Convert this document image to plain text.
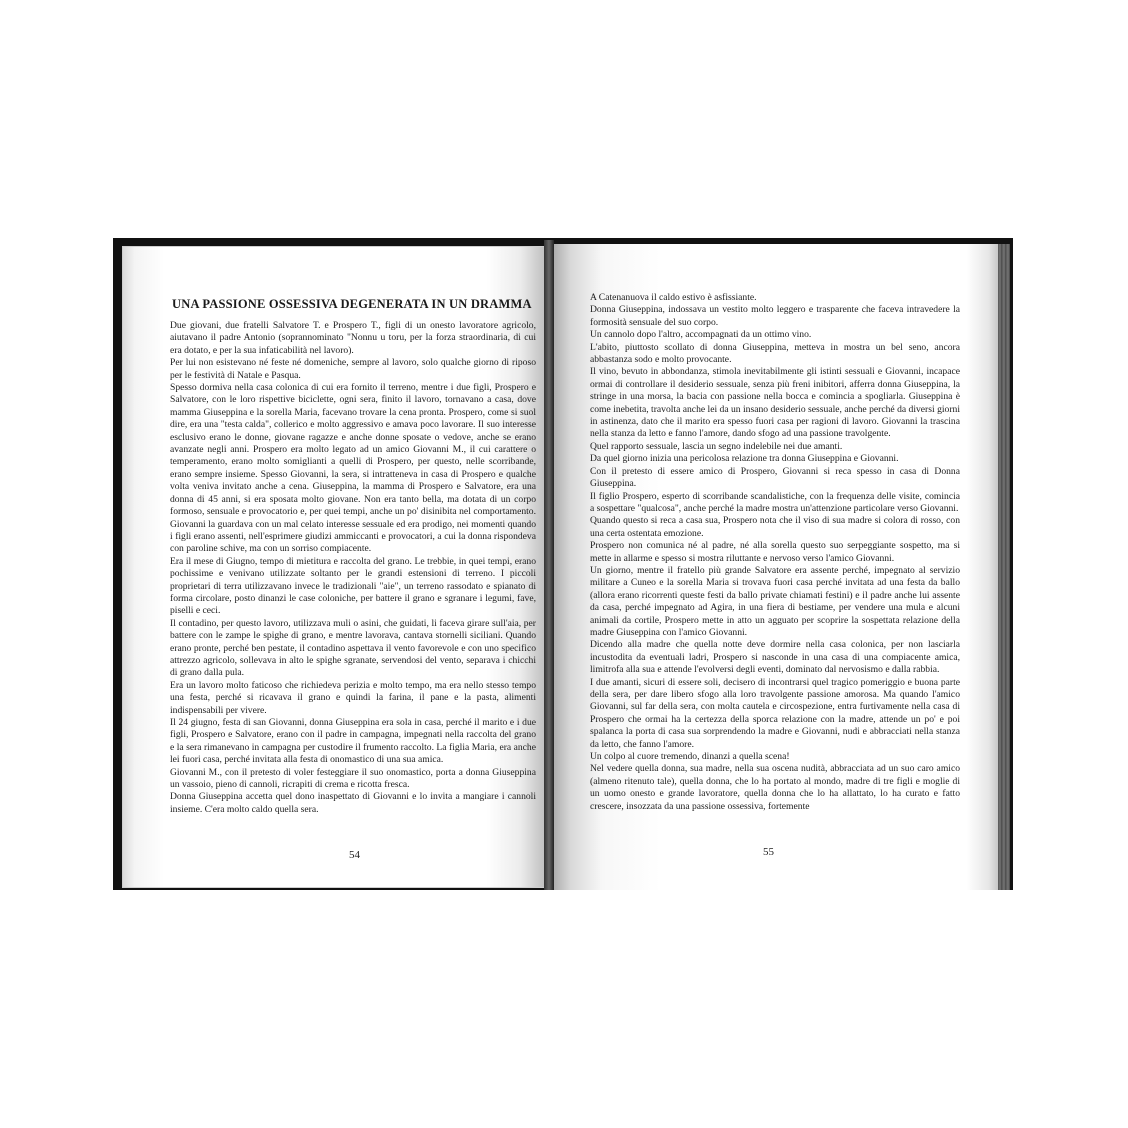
UNA PASSIONE OSSESSIVA DEGENERATA IN UN DRAMMA

Due giovani, due fratelli Salvatore T. e Prospero T., figli di un onesto lavoratore agricolo, aiutavano il padre Antonio (soprannominato "Nonnu u toru, per la forza straordinaria, di cui era dotato, e per la sua infaticabilità nel lavoro).

Per lui non esistevano né feste né domeniche, sempre al lavoro, solo qualche giorno di riposo per le festività di Natale e Pasqua.

Spesso dormiva nella casa colonica di cui era fornito il terreno, mentre i due figli, Prospero e Salvatore, con le loro rispettive biciclette, ogni sera, finito il lavoro, tornavano a casa, dove mamma Giuseppina e la sorella Maria, facevano trovare la cena pronta. Prospero, come si suol dire, era una "testa calda", collerico e molto aggressivo e amava poco lavorare. Il suo interesse esclusivo erano le donne, giovane ragazze e anche donne sposate o vedove, anche se erano avanzate negli anni. Prospero era molto legato ad un amico Giovanni M., il cui carattere o temperamento, erano molto somiglianti a quelli di Prospero, per questo, nelle scorribande, erano sempre insieme. Spesso Giovanni, la sera, si intratteneva in casa di Prospero e qualche volta veniva invitato anche a cena. Giuseppina, la mamma di Prospero e Salvatore, era una donna di 45 anni, si era sposata molto giovane. Non era tanto bella, ma dotata di un corpo formoso, sensuale e provocatorio e, per quei tempi, anche un po' disinibita nel comportamento. Giovanni la guardava con un mal celato interesse sessuale ed era prodigo, nei momenti quando i figli erano assenti, nell'esprimere giudizi ammiccanti e provocatori, a cui la donna rispondeva con paroline schive, ma con un sorriso compiacente.

Era il mese di Giugno, tempo di mietitura e raccolta del grano. Le trebbie, in quei tempi, erano pochissime e venivano utilizzate soltanto per le grandi estensioni di terreno. I piccoli proprietari di terra utilizzavano invece le tradizionali "aie", un terreno rassodato e spianato di forma circolare, posto dinanzi le case coloniche, per battere il grano e sgranare i legumi, fave, piselli e ceci.

Il contadino, per questo lavoro, utilizzava muli o asini, che guidati, li faceva girare sull'aia, per battere con le zampe le spighe di grano, e mentre lavorava, cantava stornelli siciliani. Quando erano pronte, perché ben pestate, il contadino aspettava il vento favorevole e con uno specifico attrezzo agricolo, sollevava in alto le spighe sgranate, servendosi del vento, separava i chicchi di grano dalla pula.

Era un lavoro molto faticoso che richiedeva perizia e molto tempo, ma era nello stesso tempo una festa, perché si ricavava il grano e quindi la farina, il pane e la pasta, alimenti indispensabili per vivere.

Il 24 giugno, festa di san Giovanni, donna Giuseppina era sola in casa, perché il marito e i due figli, Prospero e Salvatore, erano con il padre in campagna, impegnati nella raccolta del grano e la sera rimanevano in campagna per custodire il frumento raccolto. La figlia Maria, era anche lei fuori casa, perché invitata alla festa di onomastico di una sua amica.

Giovanni M., con il pretesto di voler festeggiare il suo onomastico, porta a donna Giuseppina un vassoio, pieno di cannoli, ricrapiti di crema e ricotta fresca.

Donna Giuseppina accetta quel dono inaspettato di Giovanni e lo invita a mangiare i cannoli insieme. C'era molto caldo quella sera.

A Catenanuova il caldo estivo è asfissiante.

Donna Giuseppina, indossava un vestito molto leggero e trasparente che faceva intravedere la formosità sensuale del suo corpo.

Un cannolo dopo l'altro, accompagnati da un ottimo vino.

L'abito, piuttosto scollato di donna Giuseppina, metteva in mostra un bel seno, ancora abbastanza sodo e molto provocante.

Il vino, bevuto in abbondanza, stimola inevitabilmente gli istinti sessuali e Giovanni, incapace ormai di controllare il desiderio sessuale, senza più freni inibitori, afferra donna Giuseppina, la stringe in una morsa, la bacia con passione nella bocca e comincia a spogliarla. Giuseppina è come inebetita, travolta anche lei da un insano desiderio sessuale, anche perché da diversi giorni in astinenza, dato che il marito era spesso fuori casa per ragioni di lavoro. Giovanni la trascina nella stanza da letto e fanno l'amore, dando sfogo ad una passione travolgente.

Quel rapporto sessuale, lascia un segno indelebile nei due amanti.

Da quel giorno inizia una pericolosa relazione tra donna Giuseppina e Giovanni.

Con il pretesto di essere amico di Prospero, Giovanni si reca spesso in casa di Donna Giuseppina.

Il figlio Prospero, esperto di scorribande scandalistiche, con la frequenza delle visite, comincia a sospettare "qualcosa", anche perché la madre mostra un'attenzione particolare verso Giovanni.

Quando questo si reca a casa sua, Prospero nota che il viso di sua madre si colora di rosso, con una certa ostentata emozione.

Prospero non comunica né al padre, né alla sorella questo suo serpeggiante sospetto, ma si mette in allarme e spesso si mostra riluttante e nervoso verso l'amico Giovanni.

Un giorno, mentre il fratello più grande Salvatore era assente perché, impegnato al servizio militare a Cuneo e la sorella Maria si trovava fuori casa perché invitata ad una festa da ballo (allora erano ricorrenti queste festi da ballo private chiamati festini) e il padre anche lui assente da casa, perché impegnato ad Agira, in una fiera di bestiame, per vendere una mula e alcuni animali da cortile, Prospero mette in atto un agguato per scoprire la sospettata relazione della madre Giuseppina con l'amico Giovanni.

Dicendo alla madre che quella notte deve dormire nella casa colonica, per non lasciarla incustodita da eventuali ladri, Prospero si nasconde in una casa di una compiacente amica, limitrofa alla sua e attende l'evolversi degli eventi, dominato dal nervosismo e dalla rabbia.

I due amanti, sicuri di essere soli, decisero di incontrarsi quel tragico pomeriggio e buona parte della sera, per dare libero sfogo alla loro travolgente passione amorosa. Ma quando l'amico Giovanni, sul far della sera, con molta cautela e circospezione, entra furtivamente nella casa di Prospero che ormai ha la certezza della sporca relazione con la madre, attende un po' e poi spalanca la porta di casa sua sorprendendo la madre e Giovanni, nudi e abbracciati nella stanza da letto, che fanno l'amore.

Un colpo al cuore tremendo, dinanzi a quella scena!

Nel vedere quella donna, sua madre, nella sua oscena nudità, abbracciata ad un suo caro amico (almeno ritenuto tale), quella donna, che lo ha portato al mondo, madre di tre figli e moglie di un uomo onesto e grande lavoratore, quella donna che lo ha allattato, lo ha curato e fatto crescere, insozzata da una passione ossessiva, fortemente

54	55
